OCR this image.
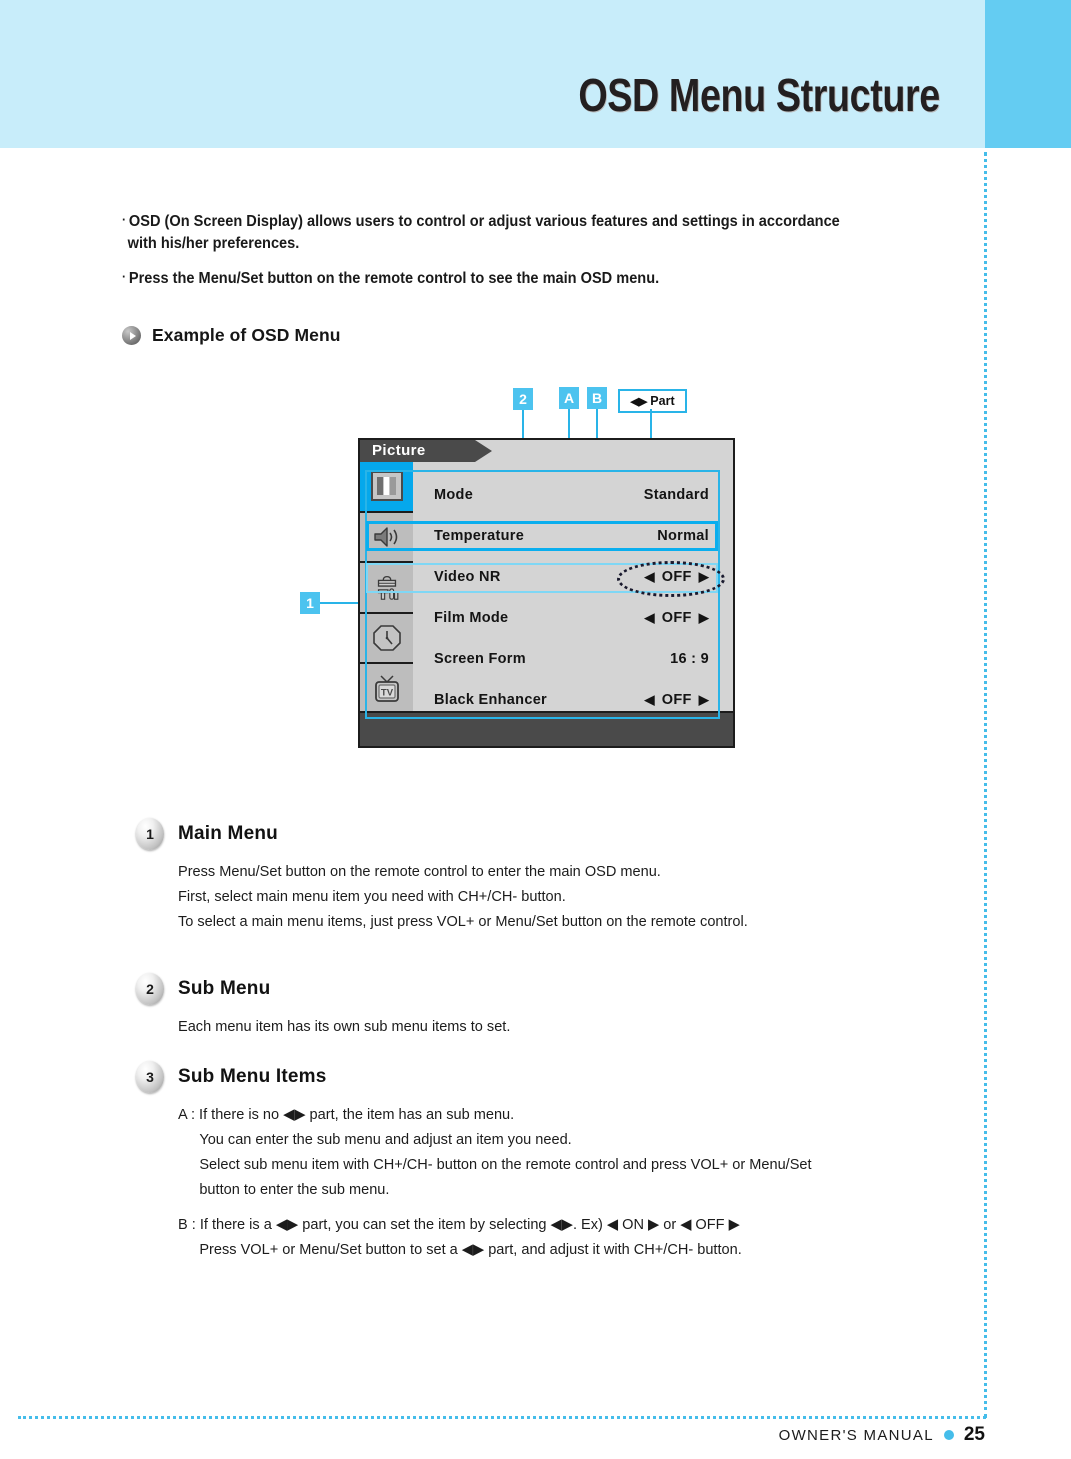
OSD Menu Structure
· OSD (On Screen Display) allows users to control or adjust various features and settings in accordance
with his/her preferences.
· Press the Menu/Set button on the remote control to see the main OSD menu.
Example of OSD Menu
2	A	B	◀▶ Part
1
Picture
TV
Mode	Standard
Temperature	Normal
Video NR	◀ OFF ▶
Film Mode	◀ OFF ▶
Screen Form	16 : 9
Black Enhancer	◀ OFF ▶
1	Main Menu
Press Menu/Set button on the remote control to enter the main OSD menu.
First, select main menu item you need with CH+/CH- button.
To select a main menu items, just press VOL+ or Menu/Set button on the remote control.
2	Sub Menu
Each menu item has its own sub menu items to set.
3	Sub Menu Items
A : If there is no ◀▶ part, the item has an sub menu.
You can enter the sub menu and adjust an item you need.
Select sub menu item with CH+/CH- button on the remote control and press VOL+ or Menu/Set
button to enter the sub menu.
B : If there is a ◀▶ part, you can set the item by selecting ◀▶. Ex) ◀ ON ▶ or ◀ OFF ▶
Press VOL+ or Menu/Set button to set a ◀▶ part, and adjust it with CH+/CH- button.
OWNER'S MANUAL 25
